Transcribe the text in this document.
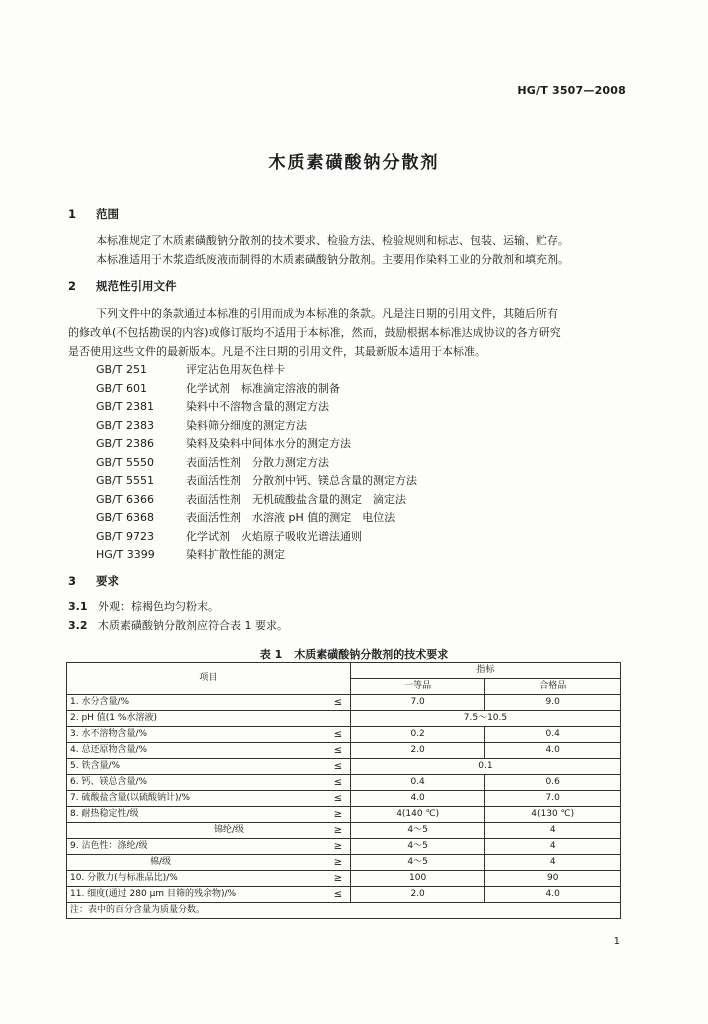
HG/T 3507—2008
木质素磺酸钠分散剂
1 范围
本标准规定了木质素磺酸钠分散剂的技术要求、检验方法、检验规则和标志、包装、运输、贮存。
本标准适用于木浆造纸废液而制得的木质素磺酸钠分散剂。主要用作染料工业的分散剂和填充剂。
2 规范性引用文件
下列文件中的条款通过本标准的引用而成为本标准的条款。凡是注日期的引用文件，其随后所有
的修改单(不包括勘误的内容)或修订版均不适用于本标准，然而，鼓励根据本标准达成协议的各方研究
是否使用这些文件的最新版本。凡是不注日期的引用文件，其最新版本适用于本标准。
GB/T 251	评定沾色用灰色样卡
GB/T 601	化学试剂　标准滴定溶液的制备
GB/T 2381	染料中不溶物含量的测定方法
GB/T 2383	染料筛分细度的测定方法
GB/T 2386	染料及染料中间体水分的测定方法
GB/T 5550	表面活性剂　分散力测定方法
GB/T 5551	表面活性剂　分散剂中钙、镁总含量的测定方法
GB/T 6366	表面活性剂　无机硫酸盐含量的测定　滴定法
GB/T 6368	表面活性剂　水溶液 pH 值的测定　电位法
GB/T 9723	化学试剂　火焰原子吸收光谱法通则
HG/T 3399	染料扩散性能的测定
3 要求
3.1 外观：棕褐色均匀粉末。
3.2 木质素磺酸钠分散剂应符合表 1 要求。
表 1 木质素磺酸钠分散剂的技术要求
项目		指标	
		一等品	合格品
1. 水分含量/%	≤	7.0	9.0
2. pH 值(1 %水溶液)		7.5～10.5	
3. 水不溶物含量/%	≤	0.2	0.4
4. 总还原物含量/%	≤	2.0	4.0
5. 铁含量/%	≤	0.1	
6. 钙、镁总含量/%	≤	0.4	0.6
7. 硫酸盐含量(以硫酸钠计)/%	≤	4.0	7.0
8. 耐热稳定性/级	≥	4(140 ℃)	4(130 ℃)

锦纶/级	≥	4～5	4
9. 沾色性：涤纶/级	≥	4～5	4
棉/级	≥	4～5	4
10. 分散力(与标准品比)/%	≥	100	90
11. 细度(通过 280 μm 目筛的残余物)/%	≤	2.0	4.0
注：表中的百分含量为质量分数。			
1
